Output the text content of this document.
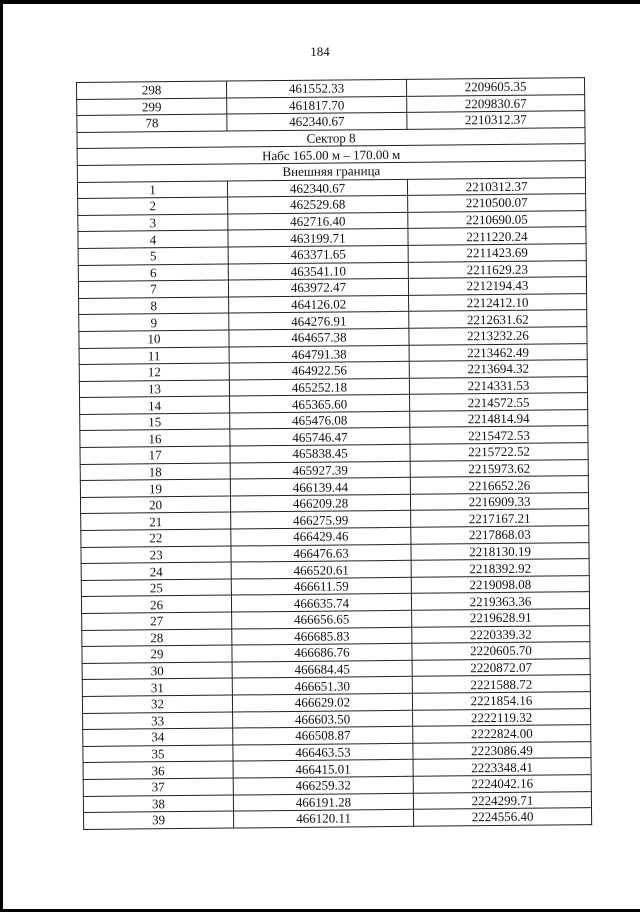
184
298	461552.33	2209605.35
299	461817.70	2209830.67
78	462340.67	2210312.37
Сектор 8		
Набс 165.00 м – 170.00 м		
Внешняя граница		
1	462340.67	2210312.37
2	462529.68	2210500.07
3	462716.40	2210690.05
4	463199.71	2211220.24
5	463371.65	2211423.69
6	463541.10	2211629.23
7	463972.47	2212194.43
8	464126.02	2212412.10
9	464276.91	2212631.62
10	464657.38	2213232.26
11	464791.38	2213462.49
12	464922.56	2213694.32
13	465252.18	2214331.53
14	465365.60	2214572.55
15	465476.08	2214814.94
16	465746.47	2215472.53
17	465838.45	2215722.52
18	465927.39	2215973.62
19	466139.44	2216652.26
20	466209.28	2216909.33
21	466275.99	2217167.21
22	466429.46	2217868.03
23	466476.63	2218130.19
24	466520.61	2218392.92
25	466611.59	2219098.08
26	466635.74	2219363.36
27	466656.65	2219628.91
28	466685.83	2220339.32
29	466686.76	2220605.70
30	466684.45	2220872.07
31	466651.30	2221588.72
32	466629.02	2221854.16
33	466603.50	2222119.32
34	466508.87	2222824.00
35	466463.53	2223086.49
36	466415.01	2223348.41
37	466259.32	2224042.16
38	466191.28	2224299.71
39	466120.11	2224556.40
